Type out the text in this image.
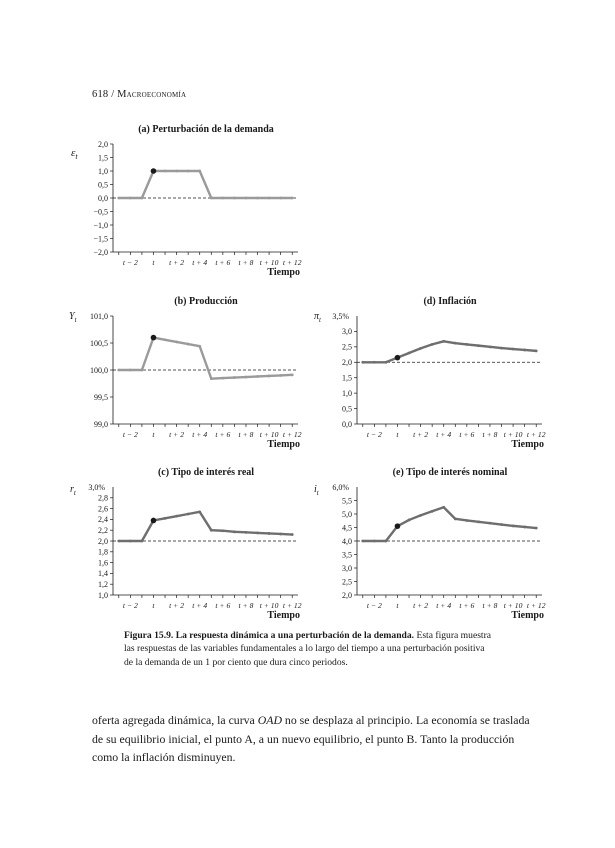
618 / Macroeconomía
(a) Perturbación de la demanda
$\varepsilon_t$
2,0
1,5
1,0
0,5
0,0
−0,5
−1,0
−1,5
−2,0
t − 2 t t + 2 t + 4 t + 6 t + 8 t + 10 t + 12
Tiempo
(b) Producción
$Y_t$ 101,0
100,5
100,0
99,5
99,0
t − 2 t t + 2 t + 4 t + 6 t + 8 t + 10 t + 12
Tiempo
(d) Inflación
$\pi_t$ 3,5%
3,0
2,5
2,0
1,5
1,0
0,5
0,0
t − 2 t t + 2 t + 4 t + 6 t + 8 t + 10 t + 12
Tiempo
(c) Tipo de interés real
$r_t$
3,0%
2,8
2,6
2,4
2,2
2,0
1,8
1,6
1,4
1,2
1,0
t − 2 t t + 2 t + 4 t + 6 t + 8 t + 10 t + 12
Tiempo
(e) Tipo de interés nominal
$i_t$
6,0%
5,5
5,0
4,5
4,0
3,5
3,0
2,5
2,0
t − 2 t t + 2 t + 4 t + 6 t + 8 t + 10 t + 12
Tiempo
Figura 15.9. La respuesta dinámica a una perturbación de la demanda. Esta figura muestra las respuestas de las variables fundamentales a lo largo del tiempo a una perturbación positiva de la demanda de un 1 por ciento que dura cinco periodos.

oferta agregada dinámica, la curva OAD no se desplaza al principio. La economía se traslada de su equilibrio inicial, el punto A, a un nuevo equilibrio, el punto B. Tanto la producción como la inflación disminuyen.
